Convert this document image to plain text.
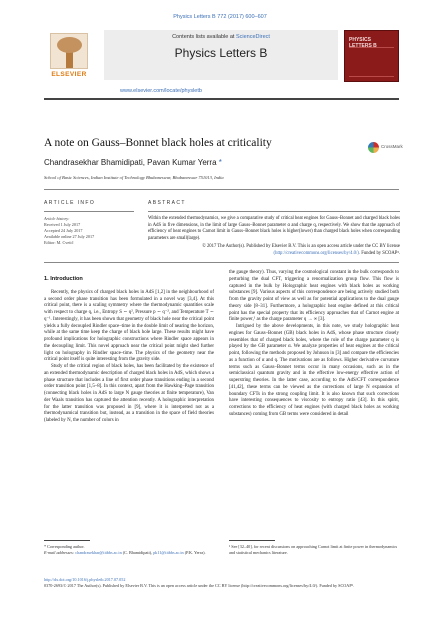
Physics Letters B 772 (2017) 600–607
ELSEVIER
Contents lists available at ScienceDirect
Physics Letters B
www.elsevier.com/locate/physletb
PHYSICS LETTERS B
A note on Gauss–Bonnet black holes at criticality	CrossMark
Chandrasekhar Bhamidipati, Pavan Kumar Yerra *
School of Basic Sciences, Indian Institute of Technology Bhubaneswar, Bhubaneswar 751013, India
ARTICLE INFO
Article history:
Received 1 July 2017
Accepted 24 July 2017
Available online 27 July 2017
Editor: M. Cvetič
ABSTRACT
Within the extended thermodynamics, we give a comparative study of critical heat engines for Gauss–Bonnet and charged black holes in AdS in five dimensions, in the limit of large Gauss–Bonnet parameter α and charge q, respectively. We show that the approach of efficiency of heat engines to Carnot limit in Gauss–Bonnet black holes is higher(lower) than charged black holes when corresponding parameters are small(large).
© 2017 The Author(s). Published by Elsevier B.V. This is an open access article under the CC BY license (http://creativecommons.org/licenses/by/4.0/). Funded by SCOAP³.
1. Introduction
Recently, the physics of charged black holes in AdS [1,2] in the neighbourhood of a second order phase transition has been formulated in a novel way [3,4]. At this critical point, there is a scaling symmetry where the thermodynamic quantities scale with respect to charge q, i.e., Entropy S ∼ q², Pressure p ∼ q⁻², and Temperature T ∼ q⁻¹. Interestingly, it has been shown that geometry of black hole near the critical point yields a fully decoupled Rindler space–time in the double limit of nearing the horizon, while at the same time keep the charge of black hole large. These results might have profound implications for holographic constructions where Rindler space appears in the decoupling limit. This novel approach near the critical point might shed further light on holography in Rindler space–time. The physics of the geometry near the critical point itself is quite interesting from the gravity side.
Study of the critical region of black holes, has been facilitated by the existence of an extended thermodynamic description of charged black holes in AdS, which shows a phase structure that includes a line of first order phase transitions ending in a second order transition point [1,5–8]. In this context, apart from the Hawking–Page transition (connecting black holes in AdS to large N gauge theories at finite temperature), Van der Waals transition has captured the attention recently. A holographic interpretation for the latter transition was proposed in [9], where it is interpreted not as a thermodynamical transition but, instead, as a transition in the space of field theories (labeled by N, the number of colors in
the gauge theory). Thus, varying the cosmological constant in the bulk corresponds to perturbing the dual CFT, triggering a renormalization group flow. This flow is captured in the bulk by Holographic heat engines with black holes as working substances [9]. Various aspects of this correspondence are being actively studied both from the gravity point of view as well as for potential applications to the dual gauge theory side [8–31]. Furthermore, a holographic heat engine defined at this critical point has the special property that its efficiency approaches that of Carnot engine at finite power,¹ as the charge parameter q → ∞ [3].
Intrigued by the above developments, in this note, we study holographic heat engines for Gauss–Bonnet (GB) black holes in AdS, whose phase structure closely resembles that of charged black holes, where the role of the charge parameter q is played by the GB parameter α. We analyze properties of heat engines at the critical point, following the methods proposed by Johnson in [3] and compare the efficiencies as a function of α and q. The motivations are as follows. Higher derivative curvature terms such as Gauss–Bonnet terms occur in many occasions, such as in the semiclassical quantum gravity and in the effective low-energy effective action of superstring theories. In the latter case, according to the AdS/CFT correspondence [41,42], these terms can be viewed as the corrections of large N expansion of boundary CFTs in the strong coupling limit. It is also known that such corrections have interesting consequences to viscosity to entropy ratio [43]. In this spirit, corrections to the efficiency of heat engines (with charged black holes as working substances) coming from GB terms were considered in detail
* Corresponding author.
E-mail addresses: chandrasekhar@iitbbs.ac.in (C. Bhamidipati), pk11@iitbbs.ac.in (P.K. Yerra).
¹ See [32–40], for recent discussions on approaching Carnot limit at finite power in thermodynamics and statistical mechanics literature.
http://dx.doi.org/10.1016/j.physletb.2017.07.052
0370-2693/© 2017 The Author(s). Published by Elsevier B.V. This is an open access article under the CC BY license (http://creativecommons.org/licenses/by/4.0/). Funded by SCOAP³.
